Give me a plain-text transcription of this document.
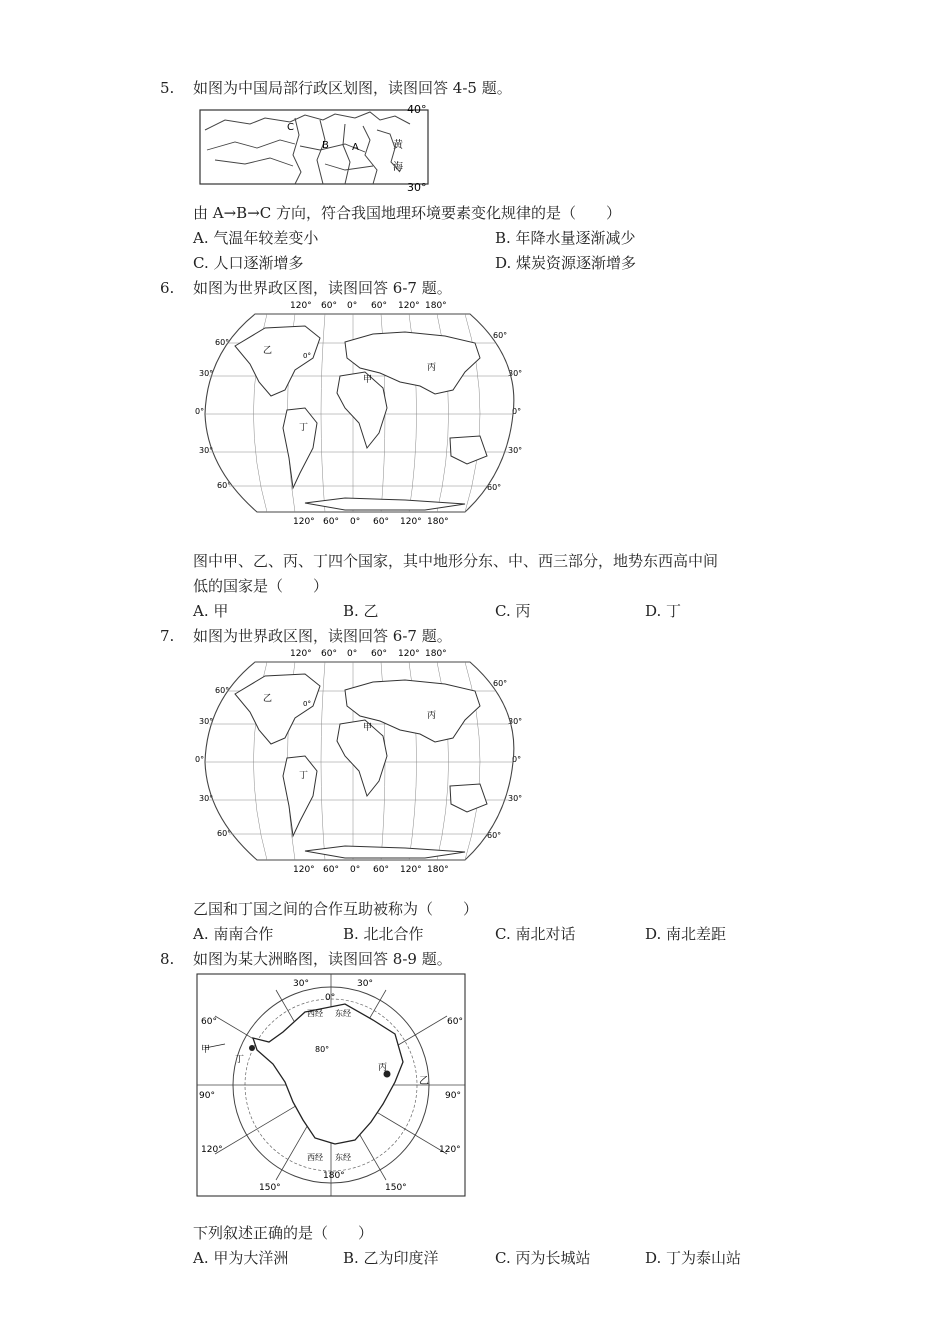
5. 如图为中国局部行政区划图，读图回答 4-5 题。
C
B A	黄
海
40°
30°
由 A→B→C 方向，符合我国地理环境要素变化规律的是（　　）
A. 气温年较差变小	B. 年降水量逐渐减少
C. 人口逐渐增多	D. 煤炭资源逐渐增多
6. 如图为世界政区图，读图回答 6-7 题。
120° 60° 0° 60° 120° 180°
120° 60° 0° 60° 120° 180°
60°
30°
0°
30°
60°
60°
30°
0°
30°
60°
乙
甲
丙
丁
0°
图中甲、乙、丙、丁四个国家，其中地形分东、中、西三部分，地势东西高中间
低的国家是（　　）
A. 甲	B. 乙	C. 丙	D. 丁
7. 如图为世界政区图，读图回答 6-7 题。
120° 60° 0° 60° 120° 180°
120° 60° 0° 60° 120° 180°
60°
30°
0°
30°
60°
60°
30°
0°
30°
60°
乙
甲
丙
丁
0°
乙国和丁国之间的合作互助被称为（　　）
A. 南南合作	B. 北北合作	C. 南北对话	D. 南北差距
8. 如图为某大洲略图，读图回答 8-9 题。
0°
30°	30°
60°	60°
90°	90°
120°	120°
150°	150°
180°
80°
西经 东经
西经 东经
甲
乙
丙
丁
下列叙述正确的是（　　）
A. 甲为大洋洲	B. 乙为印度洋	C. 丙为长城站	D. 丁为泰山站
